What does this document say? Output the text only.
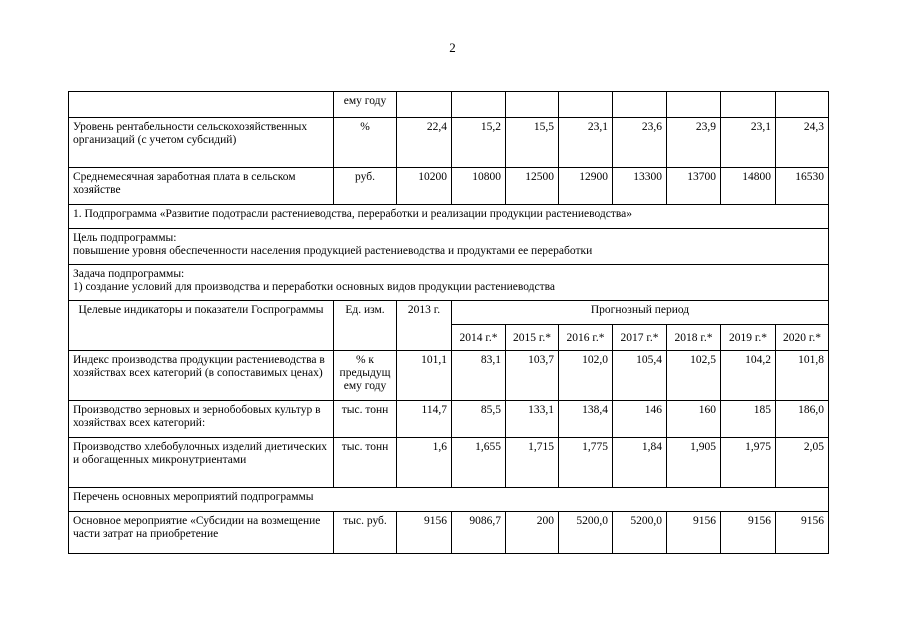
2
	ему году								
Уровень рентабельности сельскохозяйственных организаций (с учетом субсидий)	%	22,4	15,2	15,5	23,1	23,6	23,9	23,1	24,3
Среднемесячная заработная плата в сельском хозяйстве	руб.	10200	10800	12500	12900	13300	13700	14800	16530
1. Подпрограмма «Развитие подотрасли растениеводства, переработки и реализации продукции растениеводства»									

Цель подпрограммы:
повышение уровня обеспеченности населения продукцией растениеводства и продуктами ее переработки									

Задача подпрограммы:
1) создание условий для производства и переработки основных видов продукции растениеводства									

Целевые индикаторы и показатели Госпрограммы	Ед. изм.	2013 г.	Прогнозный период						
			2014 г.*	2015 г.*	2016 г.*	2017 г.*	2018 г.*	2019 г.*	2020 г.*
Индекс производства продукции растениеводства в хозяйствах всех категорий (в сопоставимых ценах)	% к предыдущ ему году	101,1	83,1	103,7	102,0	105,4	102,5	104,2	101,8
Производство зерновых и зернобобовых культур в хозяйствах всех категорий:	тыс. тонн	114,7	85,5	133,1	138,4	146	160	185	186,0
Производство хлебобулочных изделий диетических и обогащенных микронутриентами	тыс. тонн	1,6	1,655	1,715	1,775	1,84	1,905	1,975	2,05
Перечень основных мероприятий подпрограммы									
Основное мероприятие «Субсидии на возмещение части затрат на приобретение	тыс. руб.	9156	9086,7	200	5200,0	5200,0	9156	9156	9156
